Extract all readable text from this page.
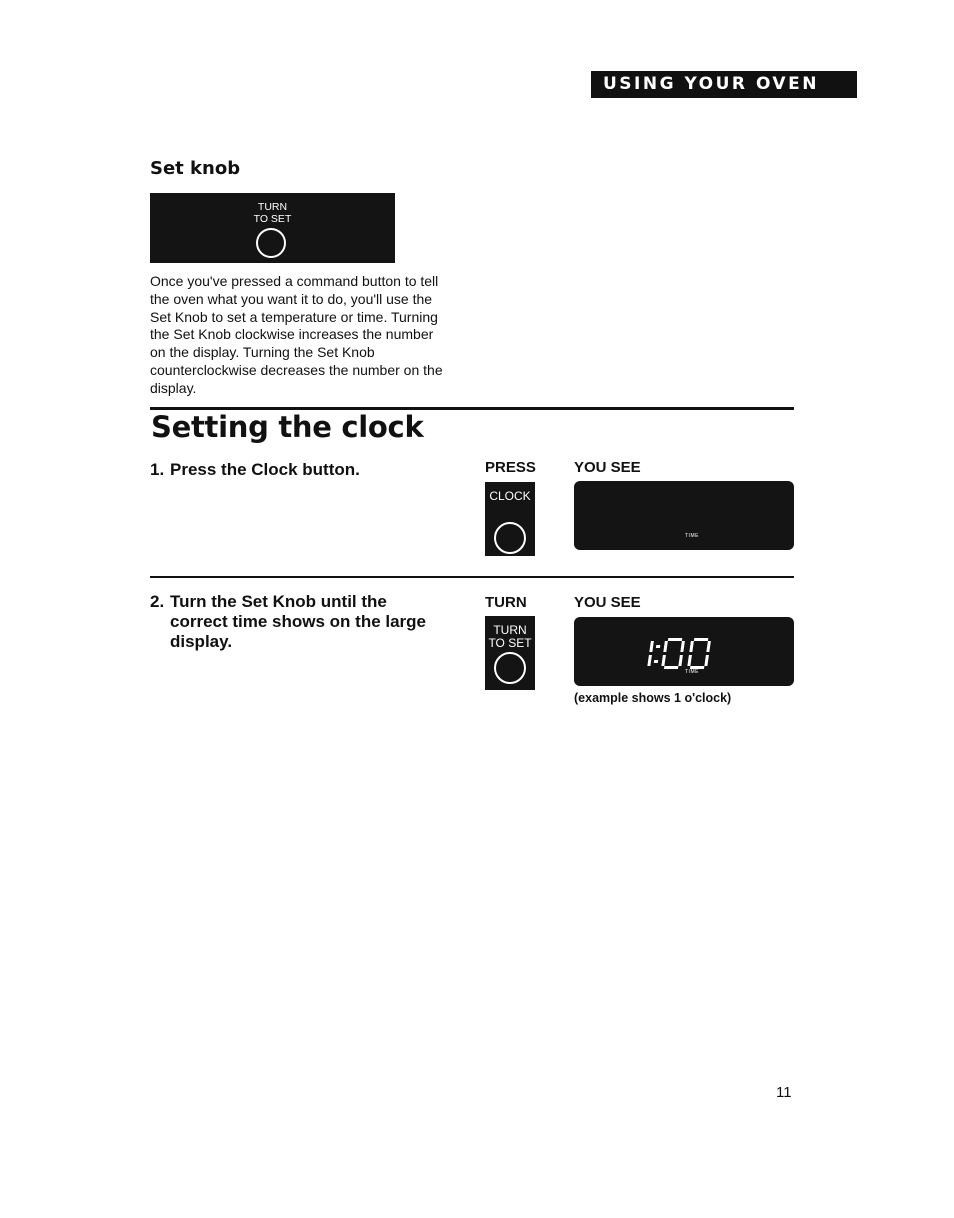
USING YOUR OVEN
Set knob
TURN
TO SET
Once you've pressed a command button to tell the oven what you want it to do, you'll use the Set Knob to set a temperature or time. Turning the Set Knob clockwise increases the number on the display. Turning the Set Knob counterclockwise decreases the number on the display.
Setting the clock
1. Press the Clock button.	PRESS	YOU SEE
CLOCK
TIME
2. Turn the Set Knob until the
correct time shows on the large
display.
TURN	YOU SEE
TURN
TO SET
TIME
(example shows 1 o'clock)
11
